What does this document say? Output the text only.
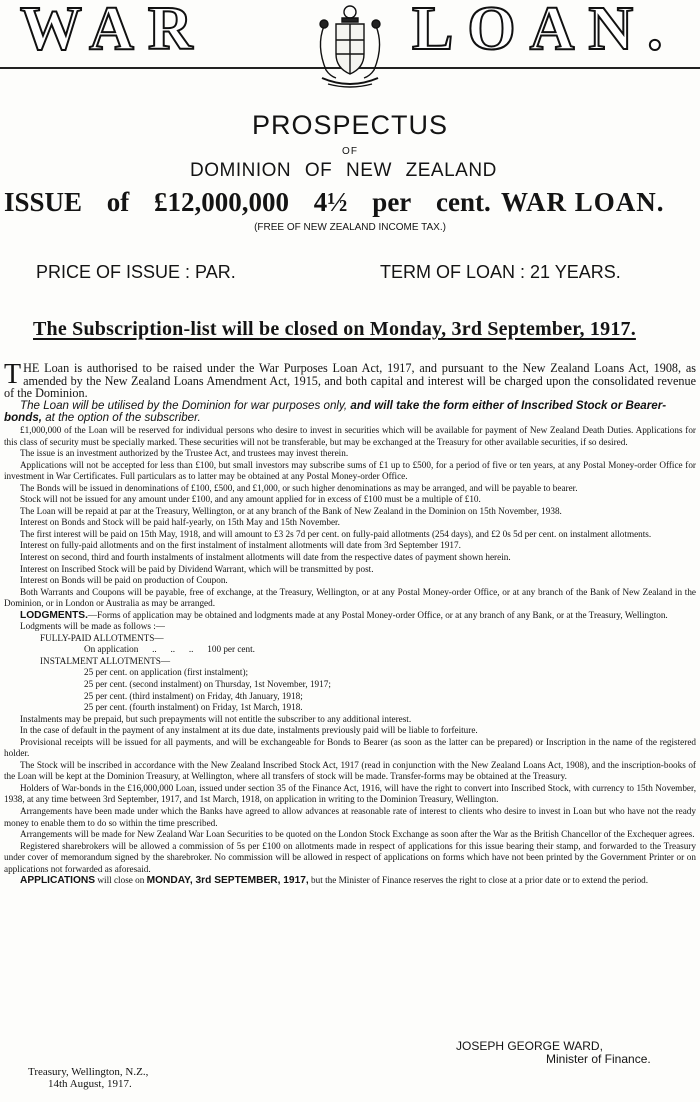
WAR	LOAN.
PROSPECTUS
OF
DOMINION OF NEW ZEALAND
ISSUE of £12,000,000 4½ per cent. WAR LOAN.
(FREE OF NEW ZEALAND INCOME TAX.)
PRICE OF ISSUE : PAR.	TERM OF LOAN : 21 YEARS.
The Subscription-list will be closed on Monday, 3rd September, 1917.

THE Loan is authorised to be raised under the War Purposes Loan Act, 1917, and pursuant to the New Zealand Loans Act, 1908, as amended by the New Zealand Loans Amendment Act, 1915, and both capital and interest will be charged upon the consolidated revenue of the Dominion.

The Loan will be utilised by the Dominion for war purposes only, and will take the form either of Inscribed Stock or Bearer-bonds, at the option of the subscriber.

£1,000,000 of the Loan will be reserved for individual persons who desire to invest in securities which will be available for payment of New Zealand Death Duties. Applications for this class of security must be specially marked. These securities will not be transferable, but may be exchanged at the Treasury for other available securities, if so desired.

The issue is an investment authorized by the Trustee Act, and trustees may invest therein.

Applications will not be accepted for less than £100, but small investors may subscribe sums of £1 up to £500, for a period of five or ten years, at any Postal Money-order Office for investment in War Certificates. Full particulars as to latter may be obtained at any Postal Money-order Office.

The Bonds will be issued in denominations of £100, £500, and £1,000, or such higher denominations as may be arranged, and will be payable to bearer.

Stock will not be issued for any amount under £100, and any amount applied for in excess of £100 must be a multiple of £10.

The Loan will be repaid at par at the Treasury, Wellington, or at any branch of the Bank of New Zealand in the Dominion on 15th November, 1938.

Interest on Bonds and Stock will be paid half-yearly, on 15th May and 15th November.

The first interest will be paid on 15th May, 1918, and will amount to £3 2s 7d per cent. on fully-paid allotments (254 days), and £2 0s 5d per cent. on instalment allotments.

Interest on fully-paid allotments and on the first instalment of instalment allotments will date from 3rd September 1917.

Interest on second, third and fourth instalments of instalment allotments will date from the respective dates of payment shown herein.

Interest on Inscribed Stock will be paid by Dividend Warrant, which will be transmitted by post.

Interest on Bonds will be paid on production of Coupon.

Both Warrants and Coupons will be payable, free of exchange, at the Treasury, Wellington, or at any Postal Money-order Office, or at any branch of the Bank of New Zealand in the Dominion, or in London or Australia as may be arranged.

LODGMENTS.—Forms of application may be obtained and lodgments made at any Postal Money-order Office, or at any branch of any Bank, or at the Treasury, Wellington.

Lodgments will be made as follows :—

FULLY-PAID ALLOTMENTS—

On application      ..      ..      ..      100 per cent.

INSTALMENT ALLOTMENTS—

25 per cent. on application (first instalment);

25 per cent. (second instalment) on Thursday, 1st November, 1917;

25 per cent. (third instalment) on Friday, 4th January, 1918;

25 per cent. (fourth instalment) on Friday, 1st March, 1918.

Instalments may be prepaid, but such prepayments will not entitle the subscriber to any additional interest.

In the case of default in the payment of any instalment at its due date, instalments previously paid will be liable to forfeiture.

Provisional receipts will be issued for all payments, and will be exchangeable for Bonds to Bearer (as soon as the latter can be prepared) or Inscription in the name of the registered holder.

The Stock will be inscribed in accordance with the New Zealand Inscribed Stock Act, 1917 (read in conjunction with the New Zealand Loans Act, 1908), and the inscription-books of the Loan will be kept at the Dominion Treasury, at Wellington, where all transfers of stock will be made. Transfer-forms may be obtained at the Treasury.

Holders of War-bonds in the £16,000,000 Loan, issued under section 35 of the Finance Act, 1916, will have the right to convert into Inscribed Stock, with currency to 15th November, 1938, at any time between 3rd September, 1917, and 1st March, 1918, on application in writing to the Dominion Treasury, Wellington.

Arrangements have been made under which the Banks have agreed to allow advances at reasonable rate of interest to clients who desire to invest in Loan but who have not the ready money to enable them to do so within the time prescribed.

Arrangements will be made for New Zealand War Loan Securities to be quoted on the London Stock Exchange as soon after the War as the British Chancellor of the Exchequer agrees.

Registered sharebrokers will be allowed a commission of 5s per £100 on allotments made in respect of applications for this issue bearing their stamp, and forwarded to the Treasury under cover of memorandum signed by the sharebroker. No commission will be allowed in respect of applications on forms which have not been printed by the Government Printer or on applications not forwarded as aforesaid.

APPLICATIONS will close on MONDAY, 3rd SEPTEMBER, 1917, but the Minister of Finance reserves the right to close at a prior date or to extend the period.

JOSEPH GEORGE WARD,
Minister of Finance.
Treasury, Wellington, N.Z.,
14th August, 1917.
